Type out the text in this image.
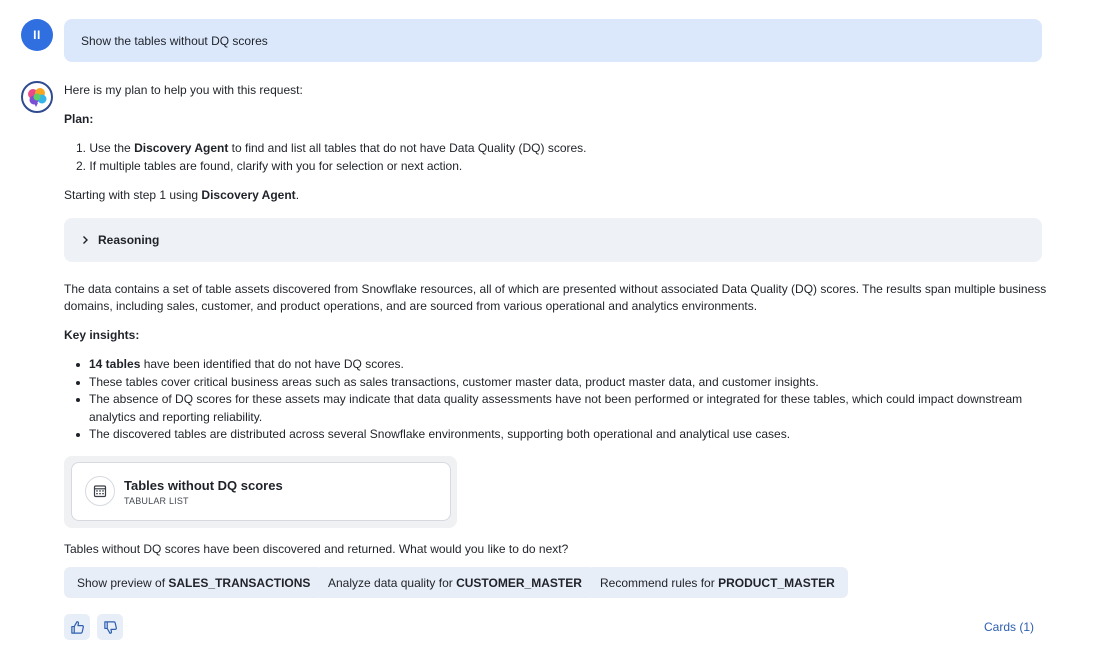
II	Show the tables without DQ scores
Here is my plan to help you with this request:
Plan:
1. Use the Discovery Agent to find and list all tables that do not have Data Quality (DQ) scores.
2. If multiple tables are found, clarify with you for selection or next action.
Starting with step 1 using Discovery Agent.
Reasoning
The data contains a set of table assets discovered from Snowflake resources, all of which are presented without associated Data Quality (DQ) scores. The results span multiple business
domains, including sales, customer, and product operations, and are sourced from various operational and analytics environments.
Key insights:
14 tables have been identified that do not have DQ scores.
These tables cover critical business areas such as sales transactions, customer master data, product master data, and customer insights.
The absence of DQ scores for these assets may indicate that data quality assessments have not been performed or integrated for these tables, which could impact downstream
analytics and reporting reliability.
The discovered tables are distributed across several Snowflake environments, supporting both operational and analytical use cases.
Tables without DQ scores
TABULAR LIST
Tables without DQ scores have been discovered and returned. What would you like to do next?
Show preview of
SALES_TRANSACTIONS Analyze data quality for
CUSTOMER_MASTER Recommend rules for
PRODUCT_MASTER
Cards (1)
